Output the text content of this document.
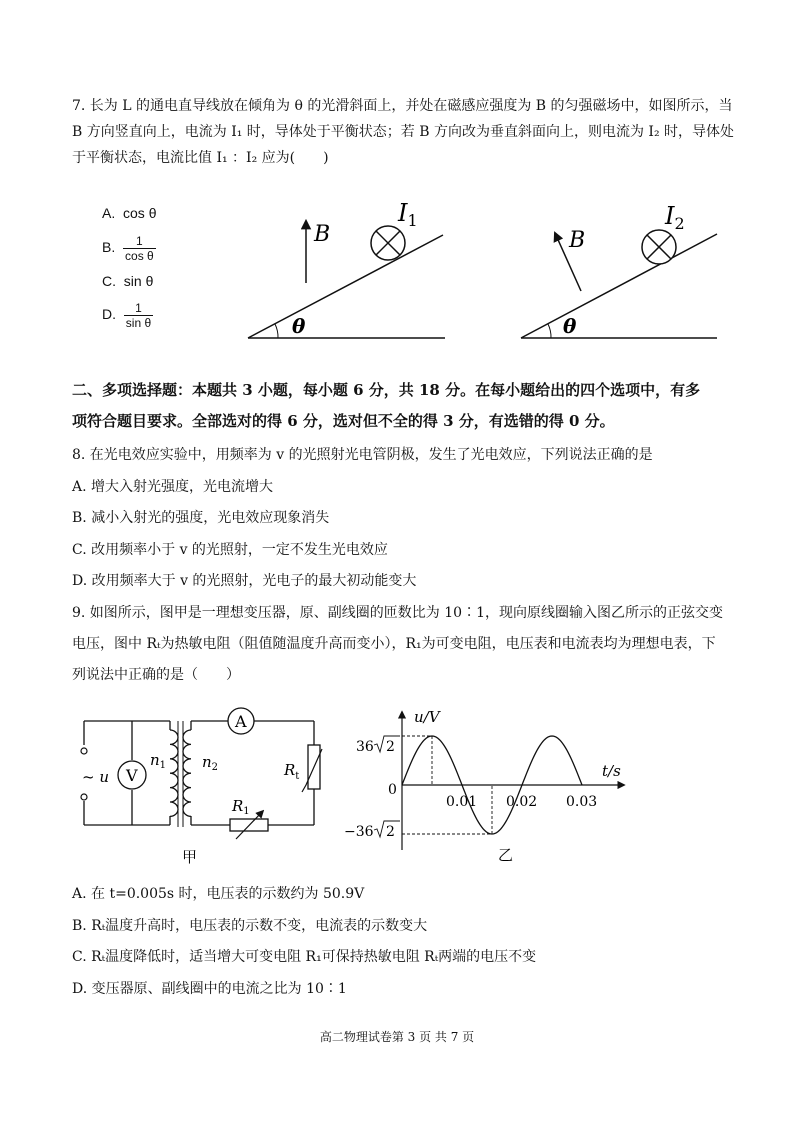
7. 长为 L 的通电直导线放在倾角为 θ 的光滑斜面上，并处在磁感应强度为 B 的匀强磁场中，如图所示，当
B 方向竖直向上，电流为 I₁ 时，导体处于平衡状态；若 B 方向改为垂直斜面向上，则电流为 I₂ 时，导体处
于平衡状态，电流比值 I₁ ：I₂ 应为(　　)
A. cos θ
B. $\frac{1}{\text{cos θ}}$
C. sin θ
D. $\frac{1}{\text{sin θ}}$	θ
B
$I_1$
θ
B
$I_2$
二、多项选择题：本题共 3 小题，每小题 6 分，共 18 分。在每小题给出的四个选项中，有多
项符合题目要求。全部选对的得 6 分，选对但不全的得 3 分，有选错的得 0 分。
8. 在光电效应实验中，用频率为 v 的光照射光电管阴极，发生了光电效应，下列说法正确的是
A. 增大入射光强度，光电流增大
B. 减小入射光的强度，光电效应现象消失
C. 改用频率小于 v 的光照射，一定不发生光电效应
D. 改用频率大于 v 的光照射，光电子的最大初动能变大
9. 如图所示，图甲是一理想变压器，原、副线圈的匝数比为 10∶1，现向原线圈输入图乙所示的正弦交变
电压，图中 Rₜ为热敏电阻（阻值随温度升高而变小），R₁为可变电阻，电压表和电流表均为理想电表，下
列说法中正确的是（　　）
~ u V
$n_1$ $n_2$
A
$R_t$
$R_1$
甲
u/V
t/s
0
36 2
−36 2
0.01 0.02 0.03
乙
A. 在 t=0.005s 时，电压表的示数约为 50.9V
B. Rₜ温度升高时，电压表的示数不变，电流表的示数变大
C. Rₜ温度降低时，适当增大可变电阻 R₁可保持热敏电阻 Rₜ两端的电压不变
D. 变压器原、副线圈中的电流之比为 10∶1
高二物理试卷第 3 页 共 7 页
